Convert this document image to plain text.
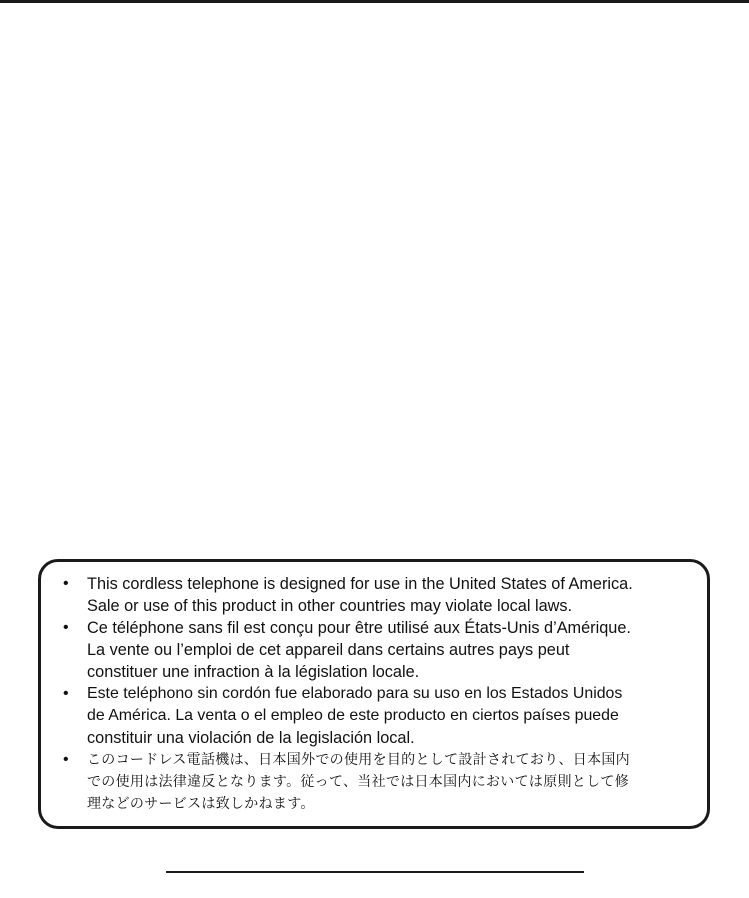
• This cordless telephone is designed for use in the United States of America.
Sale or use of this product in other countries may violate local laws.
• Ce téléphone sans fil est conçu pour être utilisé aux États-Unis d’Amérique.
La vente ou l’emploi de cet appareil dans certains autres pays peut
constituer une infraction à la législation locale.
• Este teléphono sin cordón fue elaborado para su uso en los Estados Unidos
de América. La venta o el empleo de este producto en ciertos países puede
constituir una violación de la legislación local.
• このコードレス電話機は、日本国外での使用を目的として設計されており、日本国内
での使用は法律違反となります。従って、当社では日本国内においては原則として修
理などのサービスは致しかねます。
